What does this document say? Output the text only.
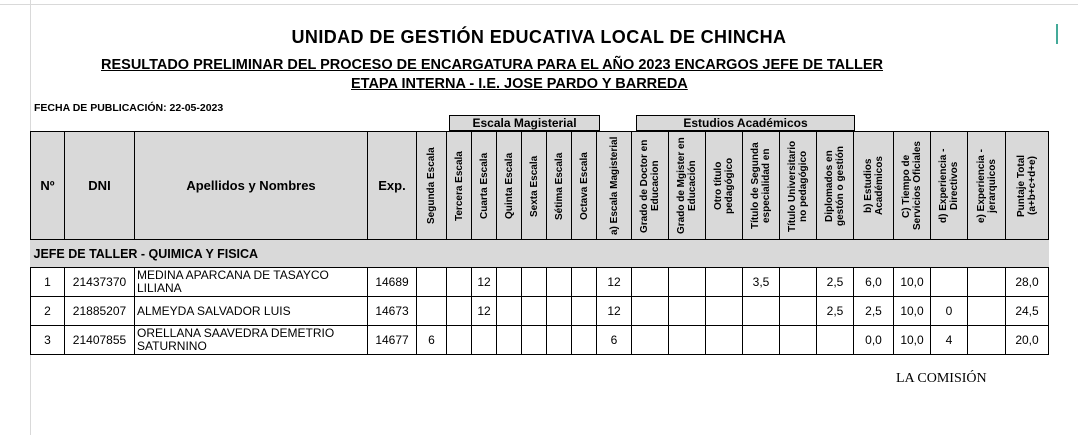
UNIDAD DE GESTIÓN EDUCATIVA LOCAL DE CHINCHA
RESULTADO PRELIMINAR DEL PROCESO DE ENCARGATURA PARA EL AÑO 2023 ENCARGOS JEFE DE TALLER
ETAPA INTERNA - I.E. JOSE PARDO Y BARREDA
FECHA DE PUBLICACIÓN: 22-05-2023
Escala Magisterial	Estudios Académicos
Nº	DNI	Apellidos y Nombres	Exp.	Segunda Escala	Tercera Escala	Cuarta Escala	Quinta Escala	Sexta Escala	Sétima Escala	Octava Escala	a) Escala Magisterial	Grado de Doctor en Educacion	Grado de Mgister en Educación	Otro título pedagógico	Título de Segunda especialidad en	Título Universitario no pedagógico	Diplomados en gestón o gestión	b) Estudios Académicos	C) Tiempo de Servicios Oficiales	d) Experiencia - Directivos	e) Experiencia - jerarquicos	Puntaje Total (a+b+c+d+e)

JEFE DE TALLER - QUIMICA Y FISICA																						
1	21437370	MEDINA APARCANA DE TASAYCO LILIANA	14689			12					12				3,5		2,5	6,0	10,0			28,0
2	21885207	ALMEYDA SALVADOR LUIS	14673			12					12						2,5	2,5	10,0	0		24,5
3	21407855	ORELLANA SAAVEDRA DEMETRIO SATURNINO	14677	6							6							0,0	10,0	4		20,0
LA COMISIÓN
